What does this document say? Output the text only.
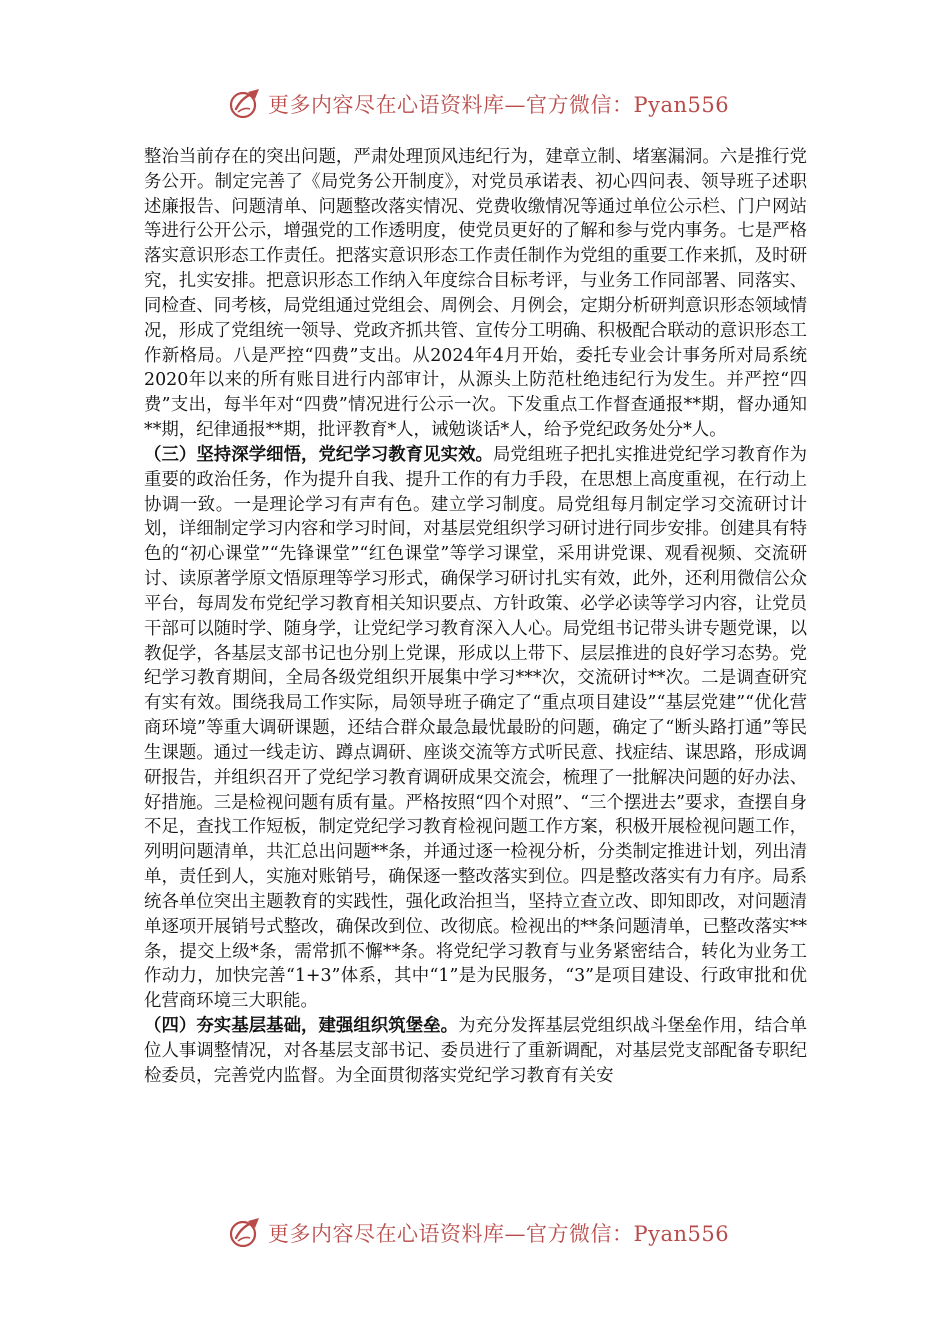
更多内容尽在心语资料库—官方微信：Pyan556

整治当前存在的突出问题，严肃处理顶风违纪行为，建章立制、堵塞漏洞。六是推行党务公开。制定完善了《局党务公开制度》，对党员承诺表、初心四问表、领导班子述职述廉报告、问题清单、问题整改落实情况、党费收缴情况等通过单位公示栏、门户网站等进行公开公示，增强党的工作透明度，使党员更好的了解和参与党内事务。七是严格落实意识形态工作责任。把落实意识形态工作责任制作为党组的重要工作来抓，及时研究，扎实安排。把意识形态工作纳入年度综合目标考评，与业务工作同部署、同落实、同检查、同考核，局党组通过党组会、周例会、月例会，定期分析研判意识形态领域情况，形成了党组统一领导、党政齐抓共管、宣传分工明确、积极配合联动的意识形态工作新格局。八是严控“四费”支出。从2024年4月开始，委托专业会计事务所对局系统2020年以来的所有账目进行内部审计，从源头上防范杜绝违纪行为发生。并严控“四费”支出，每半年对“四费”情况进行公示一次。下发重点工作督查通报**期，督办通知**期，纪律通报**期，批评教育*人，诫勉谈话*人，给予党纪政务处分*人。

（三）坚持深学细悟，党纪学习教育见实效。局党组班子把扎实推进党纪学习教育作为重要的政治任务，作为提升自我、提升工作的有力手段，在思想上高度重视，在行动上协调一致。一是理论学习有声有色。建立学习制度。局党组每月制定学习交流研讨计划，详细制定学习内容和学习时间，对基层党组织学习研讨进行同步安排。创建具有特色的“初心课堂”“先锋课堂”“红色课堂”等学习课堂，采用讲党课、观看视频、交流研讨、读原著学原文悟原理等学习形式，确保学习研讨扎实有效，此外，还利用微信公众平台，每周发布党纪学习教育相关知识要点、方针政策、必学必读等学习内容，让党员干部可以随时学、随身学，让党纪学习教育深入人心。局党组书记带头讲专题党课，以教促学，各基层支部书记也分别上党课，形成以上带下、层层推进的良好学习态势。党纪学习教育期间，全局各级党组织开展集中学习***次，交流研讨**次。二是调查研究有实有效。围绕我局工作实际，局领导班子确定了“重点项目建设”“基层党建”“优化营商环境”等重大调研课题，还结合群众最急最忧最盼的问题，确定了“断头路打通”等民生课题。通过一线走访、蹲点调研、座谈交流等方式听民意、找症结、谋思路，形成调研报告，并组织召开了党纪学习教育调研成果交流会，梳理了一批解决问题的好办法、好措施。三是检视问题有质有量。严格按照“四个对照”、“三个摆进去”要求，查摆自身不足，查找工作短板，制定党纪学习教育检视问题工作方案，积极开展检视问题工作，列明问题清单，共汇总出问题**条，并通过逐一检视分析，分类制定推进计划，列出清单，责任到人，实施对账销号，确保逐一整改落实到位。四是整改落实有力有序。局系统各单位突出主题教育的实践性，强化政治担当，坚持立查立改、即知即改，对问题清单逐项开展销号式整改，确保改到位、改彻底。检视出的**条问题清单，已整改落实**条，提交上级*条，需常抓不懈**条。将党纪学习教育与业务紧密结合，转化为业务工作动力，加快完善“1+3”体系，其中“1”是为民服务，“3”是项目建设、行政审批和优化营商环境三大职能。

（四）夯实基层基础，建强组织筑堡垒。为充分发挥基层党组织战斗堡垒作用，结合单位人事调整情况，对各基层支部书记、委员进行了重新调配，对基层党支部配备专职纪检委员，完善党内监督。为全面贯彻落实党纪学习教育有关安

更多内容尽在心语资料库—官方微信：Pyan556
